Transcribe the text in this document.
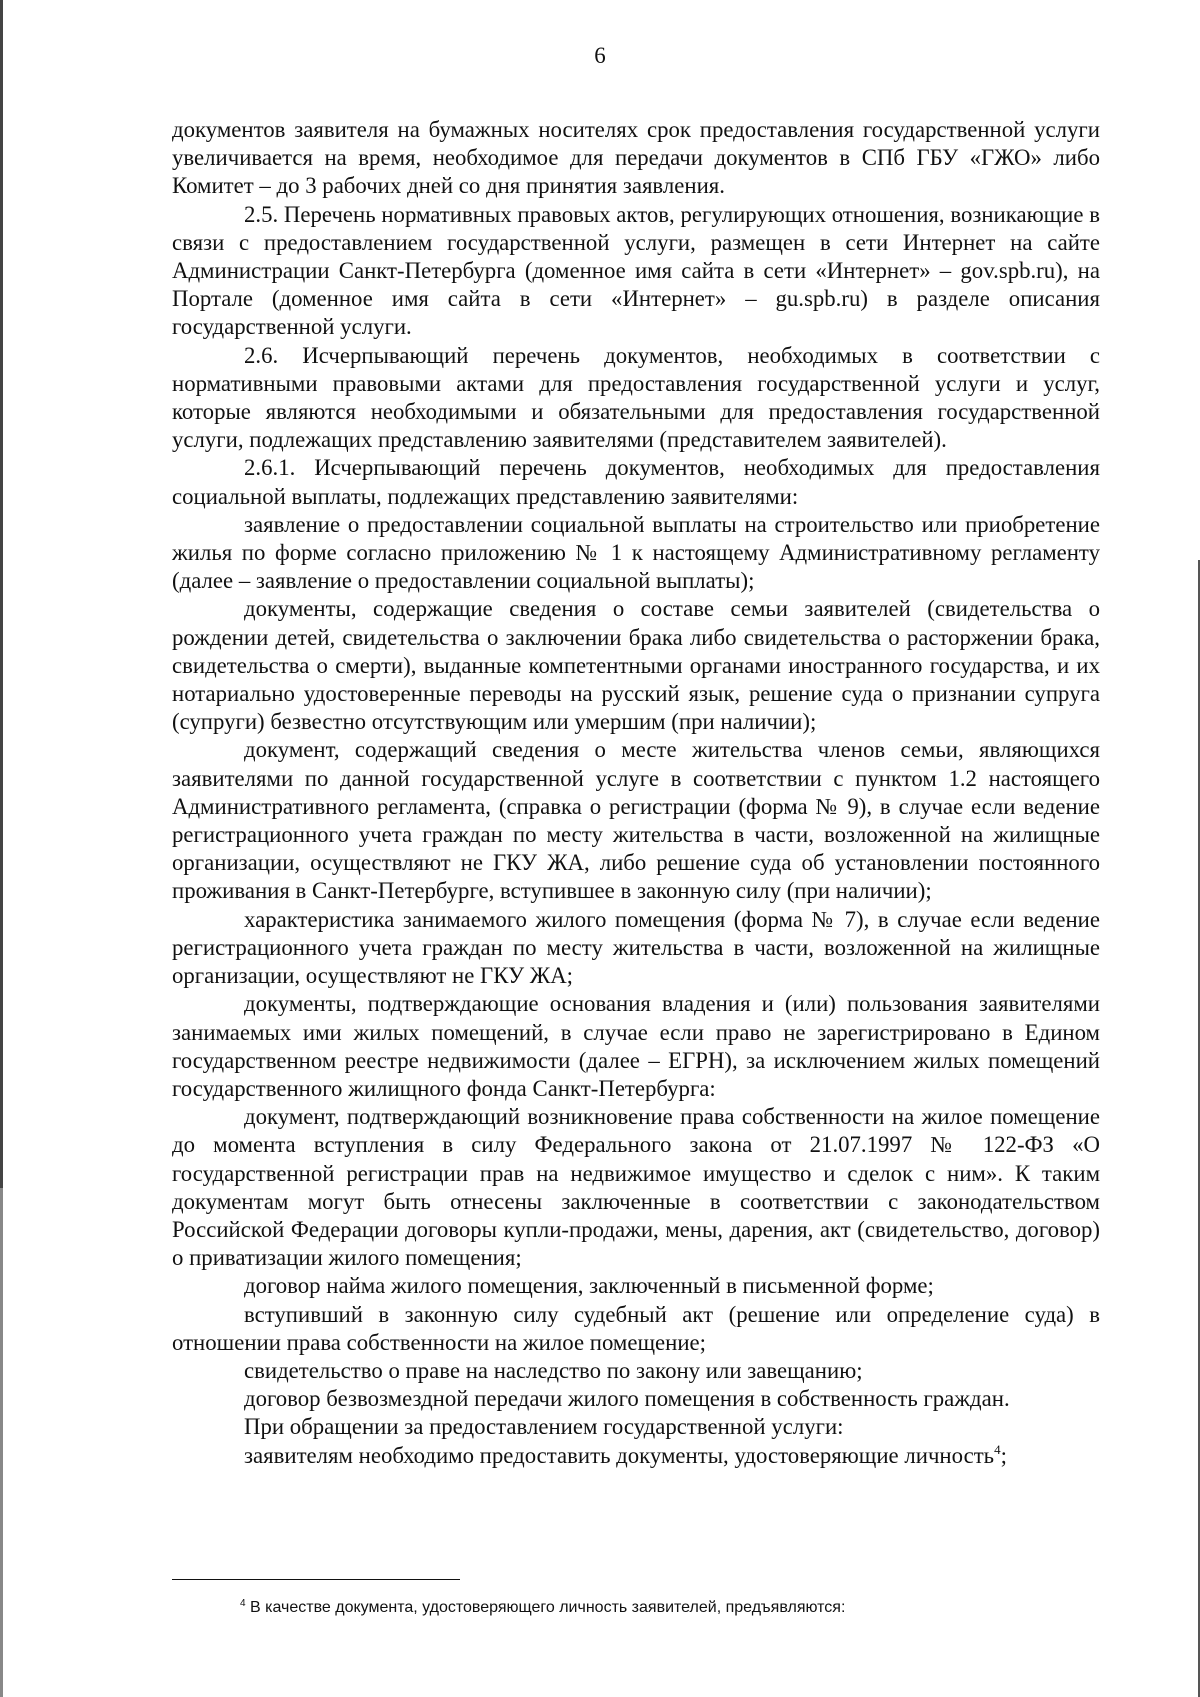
6

документов заявителя на бумажных носителях срок предоставления государственной услуги увеличивается на время, необходимое для передачи документов в СПб ГБУ «ГЖО» либо Комитет – до 3 рабочих дней со дня принятия заявления.

2.5. Перечень нормативных правовых актов, регулирующих отношения, возникающие в связи с предоставлением государственной услуги, размещен в сети Интернет на сайте Администрации Санкт-Петербурга (доменное имя сайта в сети «Интернет» – gov.spb.ru), на Портале (доменное имя сайта в сети «Интернет» – gu.spb.ru) в разделе описания государственной услуги.

2.6. Исчерпывающий перечень документов, необходимых в соответствии с нормативными правовыми актами для предоставления государственной услуги и услуг, которые являются необходимыми и обязательными для предоставления государственной услуги, подлежащих представлению заявителями (представителем заявителей).

2.6.1. Исчерпывающий перечень документов, необходимых для предоставления социальной выплаты, подлежащих представлению заявителями:

заявление о предоставлении социальной выплаты на строительство или приобретение жилья по форме согласно приложению № 1 к настоящему Административному регламенту (далее – заявление о предоставлении социальной выплаты);

документы, содержащие сведения о составе семьи заявителей (свидетельства о рождении детей, свидетельства о заключении брака либо свидетельства о расторжении брака, свидетельства о смерти), выданные компетентными органами иностранного государства, и их нотариально удостоверенные переводы на русский язык, решение суда о признании супруга (супруги) безвестно отсутствующим или умершим (при наличии);

документ, содержащий сведения о месте жительства членов семьи, являющихся заявителями по данной государственной услуге в соответствии с пунктом 1.2 настоящего Административного регламента, (справка о регистрации (форма № 9), в случае если ведение регистрационного учета граждан по месту жительства в части, возложенной на жилищные организации, осуществляют не ГКУ ЖА, либо решение суда об установлении постоянного проживания в Санкт-Петербурге, вступившее в законную силу (при наличии);

характеристика занимаемого жилого помещения (форма № 7), в случае если ведение регистрационного учета граждан по месту жительства в части, возложенной на жилищные организации, осуществляют не ГКУ ЖА;

документы, подтверждающие основания владения и (или) пользования заявителями занимаемых ими жилых помещений, в случае если право не зарегистрировано в Едином государственном реестре недвижимости (далее – ЕГРН), за исключением жилых помещений государственного жилищного фонда Санкт-Петербурга:

документ, подтверждающий возникновение права собственности на жилое помещение до момента вступления в силу Федерального закона от 21.07.1997 № 122-ФЗ «О государственной регистрации прав на недвижимое имущество и сделок с ним». К таким документам могут быть отнесены заключенные в соответствии с законодательством Российской Федерации договоры купли-продажи, мены, дарения, акт (свидетельство, договор) о приватизации жилого помещения;

договор найма жилого помещения, заключенный в письменной форме;

вступивший в законную силу судебный акт (решение или определение суда) в отношении права собственности на жилое помещение;

свидетельство о праве на наследство по закону или завещанию;

договор безвозмездной передачи жилого помещения в собственность граждан.

При обращении за предоставлением государственной услуги:

заявителям необходимо предоставить документы, удостоверяющие личность$^4$;

$^4$ В качестве документа, удостоверяющего личность заявителей, предъявляются:
